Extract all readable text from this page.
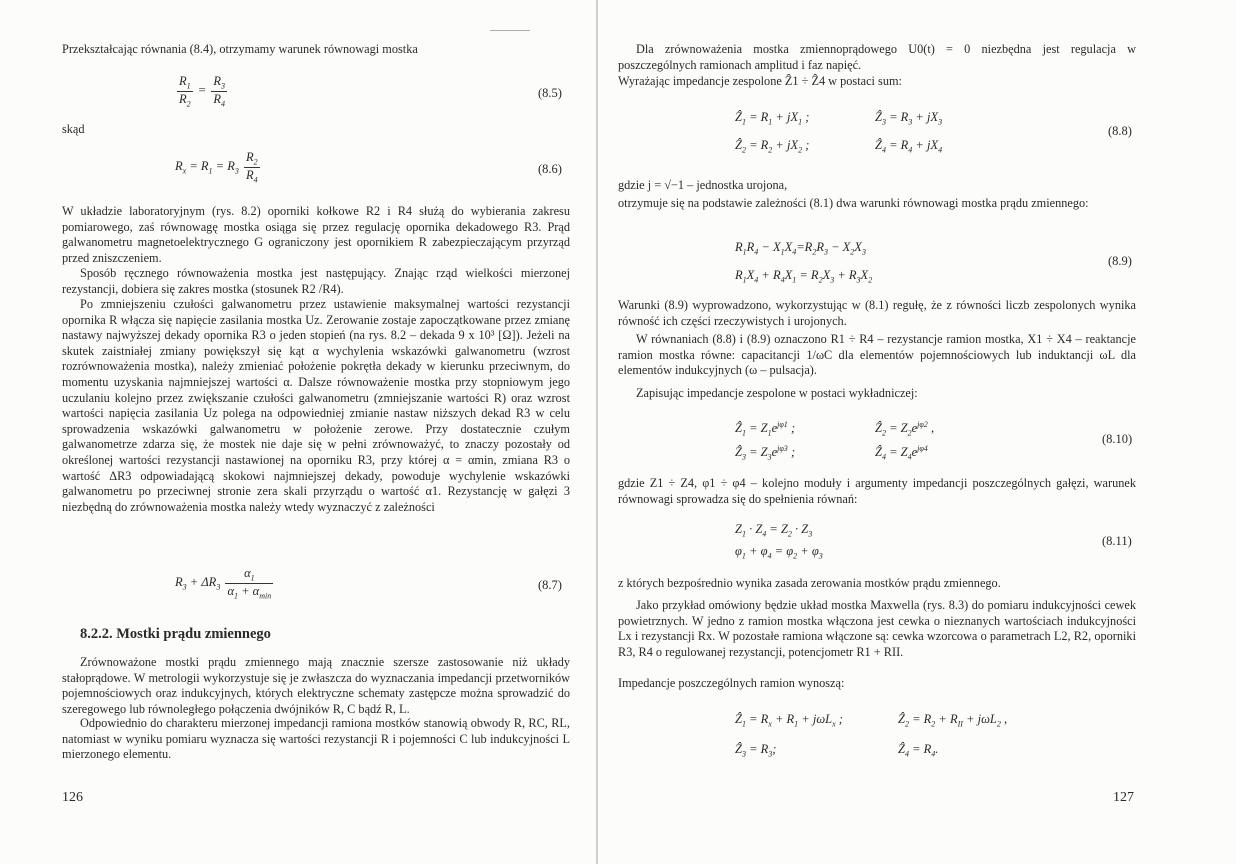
Przekształcając równania (8.4), otrzymamy warunek równowagi mostka
$\frac{R_1}{R_2} = \frac{R_3}{R_4}$	(8.5)
skąd
$R_x = R_1 = R_3 \frac{R_2}{R_4}$	(8.6)
W układzie laboratoryjnym (rys. 8.2) oporniki kołkowe R2 i R4 służą do wybierania zakresu pomiarowego, zaś równowagę mostka osiąga się przez regulację opornika dekadowego R3. Prąd galwanometru magnetoelektrycznego G ograniczony jest opornikiem R zabezpieczającym przyrząd przed zniszczeniem.
Sposób ręcznego równoważenia mostka jest następujący. Znając rząd wielkości mierzonej rezystancji, dobiera się zakres mostka (stosunek R2 /R4).
Po zmniejszeniu czułości galwanometru przez ustawienie maksymalnej wartości rezystancji opornika R włącza się napięcie zasilania mostka Uz. Zerowanie zostaje zapoczątkowane przez zmianę nastawy najwyższej dekady opornika R3 o jeden stopień (na rys. 8.2 – dekada 9 x 10³ [Ω]). Jeżeli na skutek zaistniałej zmiany powiększył się kąt α wychylenia wskazówki galwanometru (wzrost rozrównoważenia mostka), należy zmieniać położenie pokrętła dekady w kierunku przeciwnym, do momentu uzyskania najmniejszej wartości α. Dalsze równoważenie mostka przy stopniowym jego uczulaniu kolejno przez zwiększanie czułości galwanometru (zmniejszanie wartości R) oraz wzrost wartości napięcia zasilania Uz polega na odpowiedniej zmianie nastaw niższych dekad R3 w celu sprowadzenia wskazówki galwanometru w położenie zerowe. Przy dostatecznie czułym galwanometrze zdarza się, że mostek nie daje się w pełni zrównoważyć, to znaczy pozostały od określonej wartości rezystancji nastawionej na oporniku R3, przy której α = αmin, zmiana R3 o wartość ΔR3 odpowiadającą skokowi najmniejszej dekady, powoduje wychylenie wskazówki galwanometru po przeciwnej stronie zera skali przyrządu o wartość α1. Rezystancję w gałęzi 3 niezbędną do zrównoważenia mostka należy wtedy wyznaczyć z zależności
$R_3 + \Delta R_3 \frac{\alpha_1}{\alpha_1 + \alpha_{min}}$	(8.7)
8.2.2. Mostki prądu zmiennego
Zrównoważone mostki prądu zmiennego mają znacznie szersze zastosowanie niż układy stałoprądowe. W metrologii wykorzystuje się je zwłaszcza do wyznaczania impedancji przetworników pojemnościowych oraz indukcyjnych, których elektryczne schematy zastępcze można sprowadzić do szeregowego lub równoległego połączenia dwójników R, C bądź R, L.
Odpowiednio do charakteru mierzonej impedancji ramiona mostków stanowią obwody R, RC, RL, natomiast w wyniku pomiaru wyznacza się wartości rezystancji R i pojemności C lub indukcyjności L mierzonego elementu.
126
Dla zrównoważenia mostka zmiennoprądowego U0(t) = 0 niezbędna jest regulacja w poszczególnych ramionach amplitud i faz napięć.
Wyrażając impedancje zespolone Ẑ1 ÷ Ẑ4 w postaci sum:
Ẑ$_1$ = $R_1 + jX_1$ ;	Ẑ$_3$ = $R_3 + jX_3$
Ẑ$_2$ = $R_2 + jX_2$ ;	Ẑ$_4$ = $R_4 + jX_4$
(8.8)
gdzie j = √−1 – jednostka urojona,
otrzymuje się na podstawie zależności (8.1) dwa warunki równowagi mostka prądu zmiennego:
$R_1R_4 - X_1X_4=R_2R_3 - X_2X_3$
$R_1X_4 + R_4X_1 = R_2X_3 + R_3X_2$
(8.9)
Warunki (8.9) wyprowadzono, wykorzystując w (8.1) regułę, że z równości liczb zespolonych wynika równość ich części rzeczywistych i urojonych.
W równaniach (8.8) i (8.9) oznaczono R1 ÷ R4 – rezystancje ramion mostka, X1 ÷ X4 – reaktancje ramion mostka równe: capacitancji 1/ωC dla elementów pojemnościowych lub induktancji ωL dla elementów indukcyjnych (ω – pulsacja).
Zapisując impedancje zespolone w postaci wykładniczej:
Ẑ$_1$ = $Z_1e^{j\varphi 1}$ ;	Ẑ$_2$ = $Z_2e^{j\varphi 2}$ ,
Ẑ$_3$ = $Z_3e^{j\varphi 3}$ ;	Ẑ$_4$ = $Z_4e^{j\varphi 4}$
(8.10)
gdzie Z1 ÷ Z4, φ1 ÷ φ4 – kolejno moduły i argumenty impedancji poszczególnych gałęzi, warunek równowagi sprowadza się do spełnienia równań:
$Z_1 \cdot Z_4 = Z_2 \cdot Z_3$
$\varphi_1 + \varphi_4 = \varphi_2 + \varphi_3$
(8.11)
z których bezpośrednio wynika zasada zerowania mostków prądu zmiennego.
Jako przykład omówiony będzie układ mostka Maxwella (rys. 8.3) do pomiaru indukcyjności cewek powietrznych. W jedno z ramion mostka włączona jest cewka o nieznanych wartościach indukcyjności Lx i rezystancji Rx. W pozostałe ramiona włączone są: cewka wzorcowa o parametrach L2, R2, oporniki R3, R4 o regulowanej rezystancji, potencjometr R1 + RII.
Impedancje poszczególnych ramion wynoszą:
Ẑ$_1$ = $R_x + R_1 + j\omega L_x$ ;	Ẑ$_2$ = $R_2 + R_{II} + j\omega L_2$ ,
Ẑ$_3$ = $R_3$;	Ẑ$_4$ = $R_4$.
127
